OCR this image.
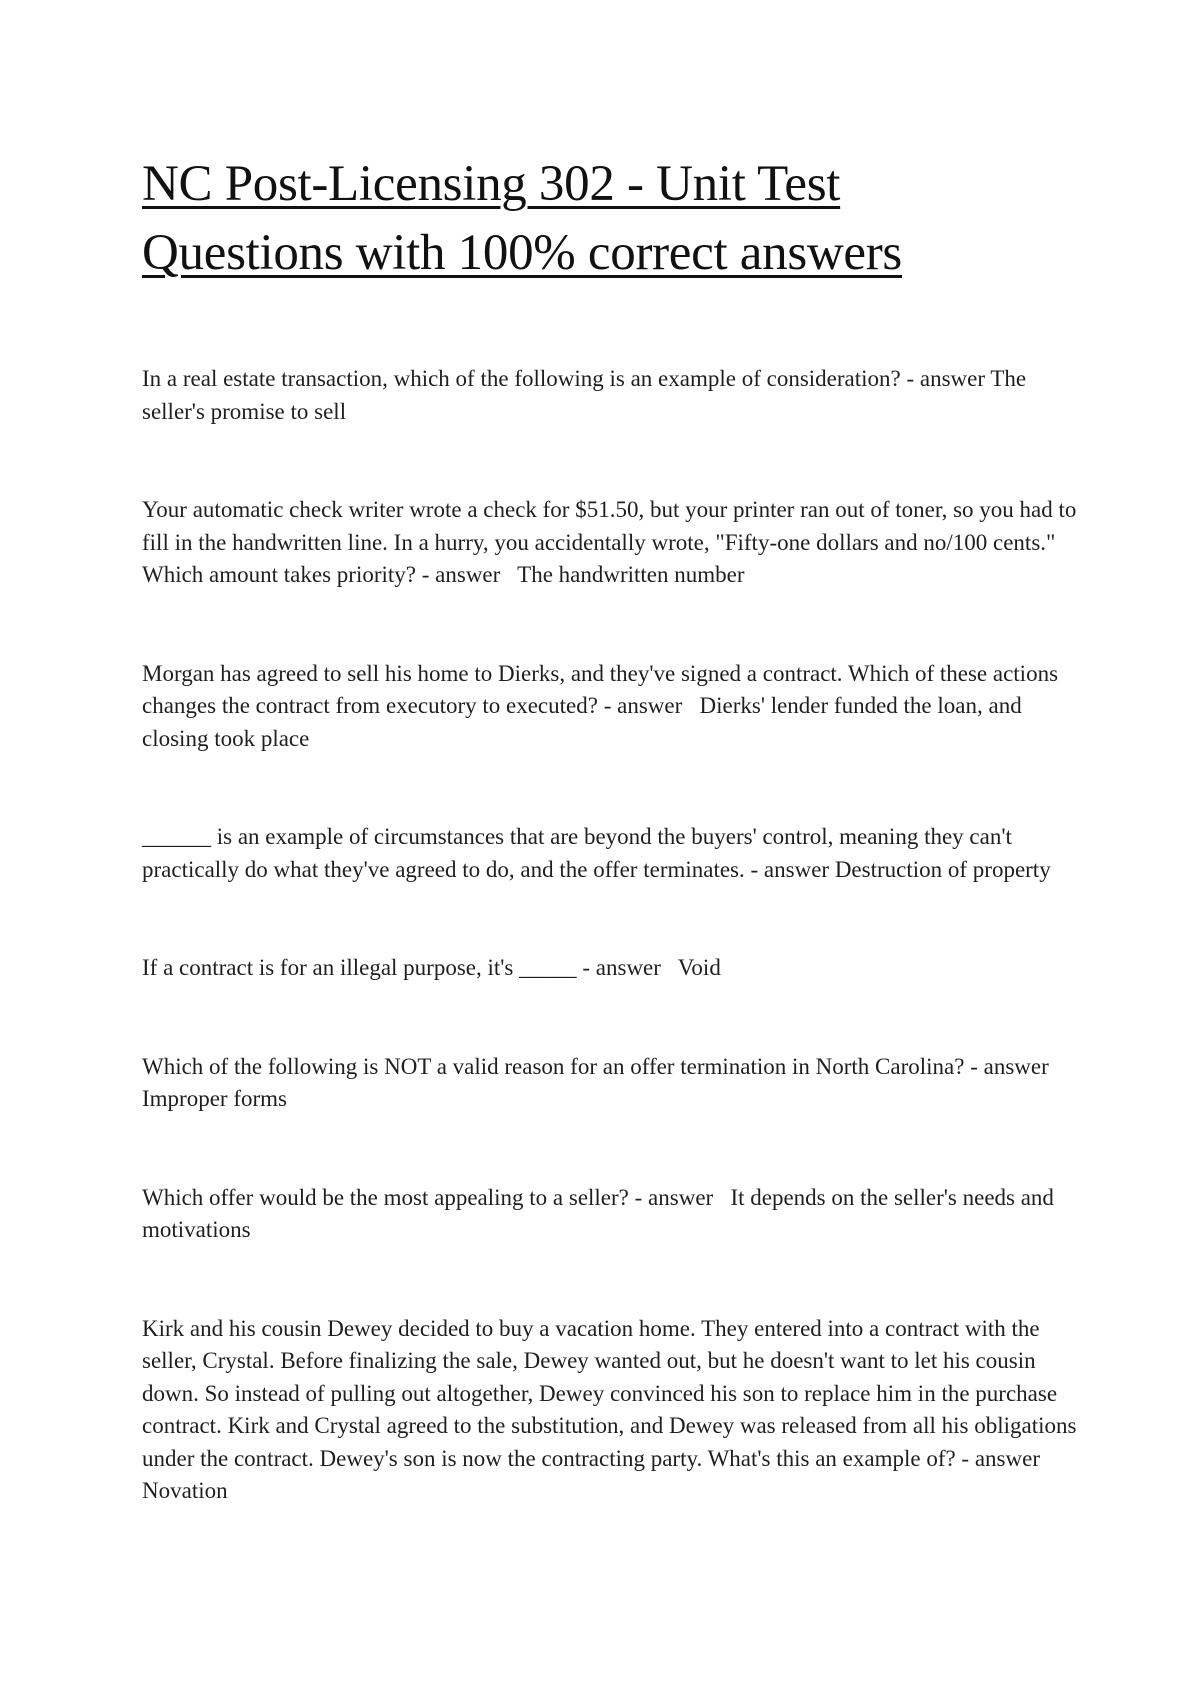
NC Post-Licensing 302 - Unit Test
Questions with 100% correct answers

In a real estate transaction, which of the following is an example of consideration? - answer The seller's promise to sell

Your automatic check writer wrote a check for $51.50, but your printer ran out of toner, so you had to fill in the handwritten line. In a hurry, you accidentally wrote, "Fifty-one dollars and no/100 cents." Which amount takes priority? - answer The handwritten number

Morgan has agreed to sell his home to Dierks, and they've signed a contract. Which of these actions changes the contract from executory to executed? - answer Dierks' lender funded the loan, and closing took place

______ is an example of circumstances that are beyond the buyers' control, meaning they can't practically do what they've agreed to do, and the offer terminates. - answer Destruction of property

If a contract is for an illegal purpose, it's _____ - answer Void

Which of the following is NOT a valid reason for an offer termination in North Carolina? - answer   Improper forms

Which offer would be the most appealing to a seller? - answer It depends on the seller's needs and motivations

Kirk and his cousin Dewey decided to buy a vacation home. They entered into a contract with the seller, Crystal. Before finalizing the sale, Dewey wanted out, but he doesn't want to let his cousin down. So instead of pulling out altogether, Dewey convinced his son to replace him in the purchase contract. Kirk and Crystal agreed to the substitution, and Dewey was released from all his obligations under the contract. Dewey's son is now the contracting party. What's this an example of? - answer   Novation
